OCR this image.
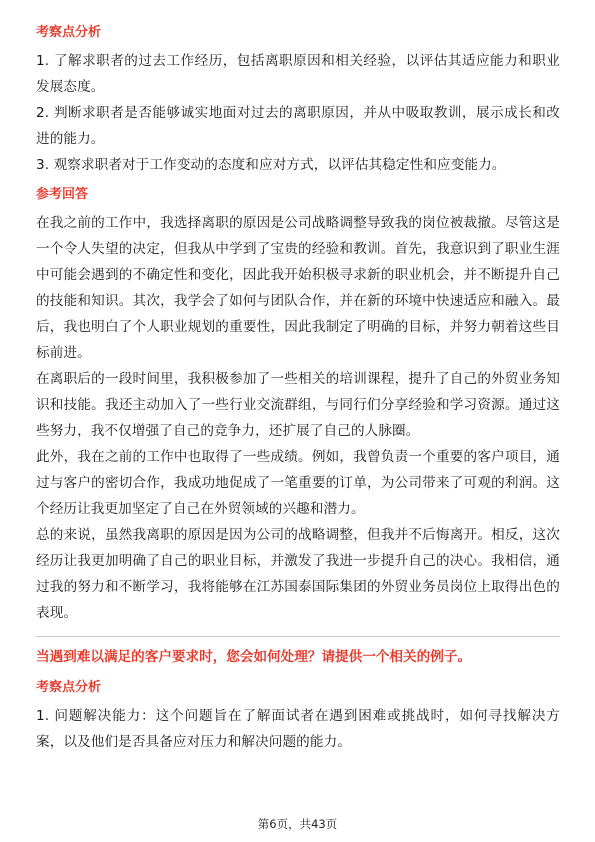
考察点分析

1. 了解求职者的过去工作经历，包括离职原因和相关经验，以评估其适应能力和职业发展态度。

2. 判断求职者是否能够诚实地面对过去的离职原因，并从中吸取教训，展示成长和改进的能力。

3. 观察求职者对于工作变动的态度和应对方式，以评估其稳定性和应变能力。

参考回答

在我之前的工作中，我选择离职的原因是公司战略调整导致我的岗位被裁撤。尽管这是一个令人失望的决定，但我从中学到了宝贵的经验和教训。首先，我意识到了职业生涯中可能会遇到的不确定性和变化，因此我开始积极寻求新的职业机会，并不断提升自己的技能和知识。其次，我学会了如何与团队合作，并在新的环境中快速适应和融入。最后，我也明白了个人职业规划的重要性，因此我制定了明确的目标，并努力朝着这些目标前进。

在离职后的一段时间里，我积极参加了一些相关的培训课程，提升了自己的外贸业务知识和技能。我还主动加入了一些行业交流群组，与同行们分享经验和学习资源。通过这些努力，我不仅增强了自己的竞争力，还扩展了自己的人脉圈。

此外，我在之前的工作中也取得了一些成绩。例如，我曾负责一个重要的客户项目，通过与客户的密切合作，我成功地促成了一笔重要的订单，为公司带来了可观的利润。这个经历让我更加坚定了自己在外贸领域的兴趣和潜力。

总的来说，虽然我离职的原因是因为公司的战略调整，但我并不后悔离开。相反，这次经历让我更加明确了自己的职业目标，并激发了我进一步提升自己的决心。我相信，通过我的努力和不断学习，我将能够在江苏国泰国际集团的外贸业务员岗位上取得出色的表现。

当遇到难以满足的客户要求时，您会如何处理？请提供一个相关的例子。
考察点分析

1. 问题解决能力：这个问题旨在了解面试者在遇到困难或挑战时，如何寻找解决方案，以及他们是否具备应对压力和解决问题的能力。

第6页，共43页
